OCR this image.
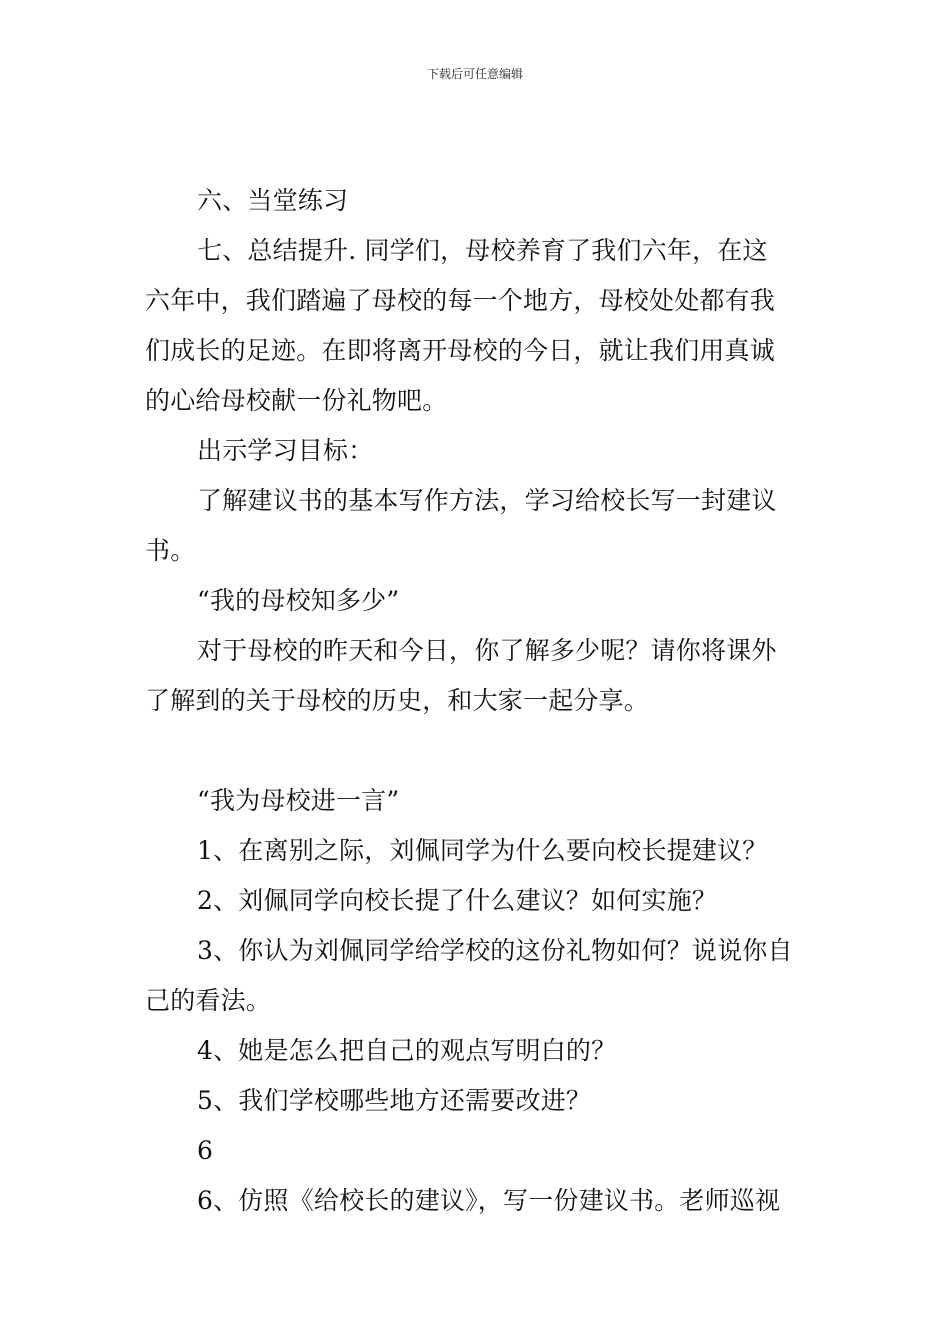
下载后可任意编辑

六、当堂练习

七、总结提升. 同学们，母校养育了我们六年，在这

六年中，我们踏遍了母校的每一个地方，母校处处都有我

们成长的足迹。在即将离开母校的今日，就让我们用真诚

的心给母校献一份礼物吧。

出示学习目标：

了解建议书的基本写作方法，学习给校长写一封建议

书。

“我的母校知多少”

对于母校的昨天和今日，你了解多少呢？请你将课外

了解到的关于母校的历史，和大家一起分享。

“我为母校进一言”

1、在离别之际，刘佩同学为什么要向校长提建议？

2、刘佩同学向校长提了什么建议？如何实施？

3、你认为刘佩同学给学校的这份礼物如何？说说你自

己的看法。

4、她是怎么把自己的观点写明白的？

5、我们学校哪些地方还需要改进？

6

6、仿照《给校长的建议》，写一份建议书。老师巡视
